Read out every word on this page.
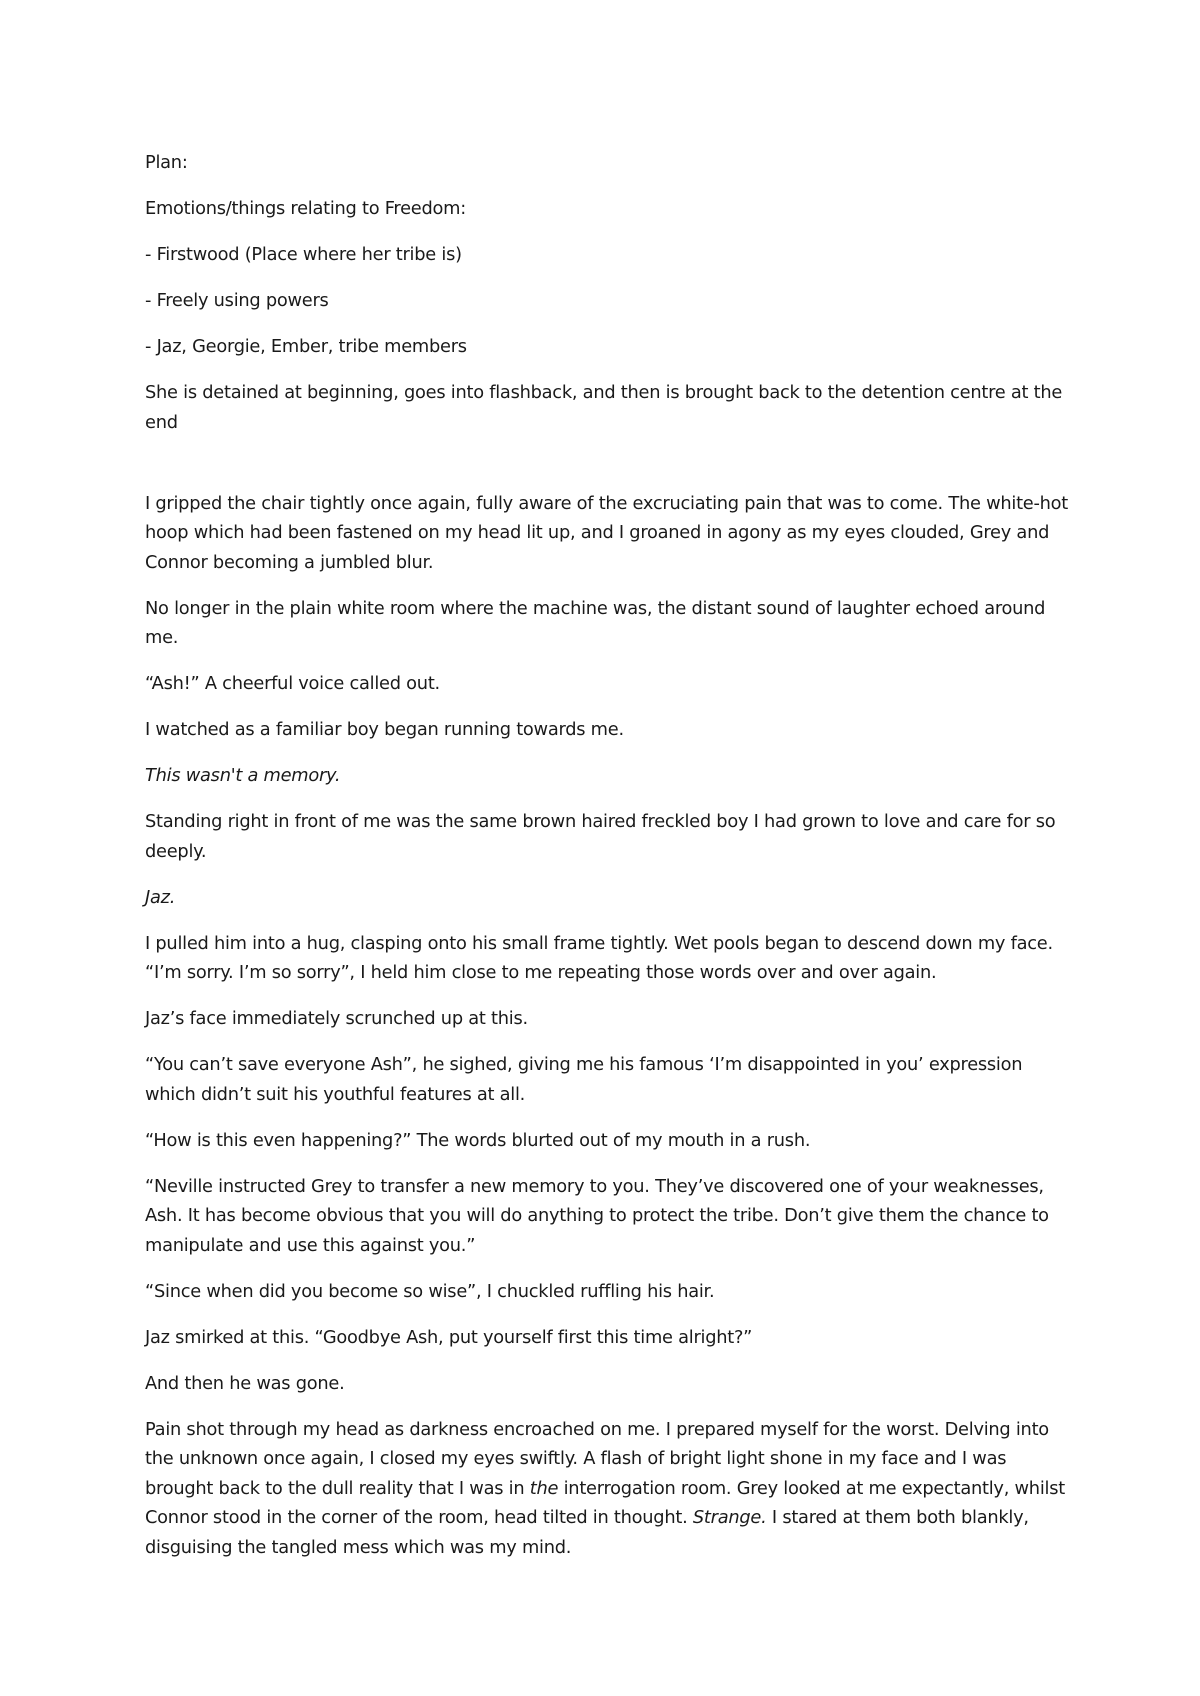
Plan:

Emotions/things relating to Freedom:

- Firstwood (Place where her tribe is)

- Freely using powers

- Jaz, Georgie, Ember, tribe members

She is detained at beginning, goes into flashback, and then is brought back to the detention centre at the end

I gripped the chair tightly once again, fully aware of the excruciating pain that was to come. The white-hot hoop which had been fastened on my head lit up, and I groaned in agony as my eyes clouded, Grey and Connor becoming a jumbled blur.

No longer in the plain white room where the machine was, the distant sound of laughter echoed around me.

“Ash!” A cheerful voice called out.

I watched as a familiar boy began running towards me.

This wasn't a memory.

Standing right in front of me was the same brown haired freckled boy I had grown to love and care for so deeply.

Jaz.

I pulled him into a hug, clasping onto his small frame tightly. Wet pools began to descend down my face. “I’m sorry. I’m so sorry”, I held him close to me repeating those words over and over again.

Jaz’s face immediately scrunched up at this.

“You can’t save everyone Ash”, he sighed, giving me his famous ‘I’m disappointed in you’ expression which didn’t suit his youthful features at all.

“How is this even happening?” The words blurted out of my mouth in a rush.

“Neville instructed Grey to transfer a new memory to you. They’ve discovered one of your weaknesses, Ash. It has become obvious that you will do anything to protect the tribe. Don’t give them the chance to manipulate and use this against you.”

“Since when did you become so wise”, I chuckled ruffling his hair.

Jaz smirked at this. “Goodbye Ash, put yourself first this time alright?”

And then he was gone.

Pain shot through my head as darkness encroached on me. I prepared myself for the worst. Delving into the unknown once again, I closed my eyes swiftly. A flash of bright light shone in my face and I was brought back to the dull reality that I was in the interrogation room. Grey looked at me expectantly, whilst Connor stood in the corner of the room, head tilted in thought. Strange. I stared at them both blankly, disguising the tangled mess which was my mind.
